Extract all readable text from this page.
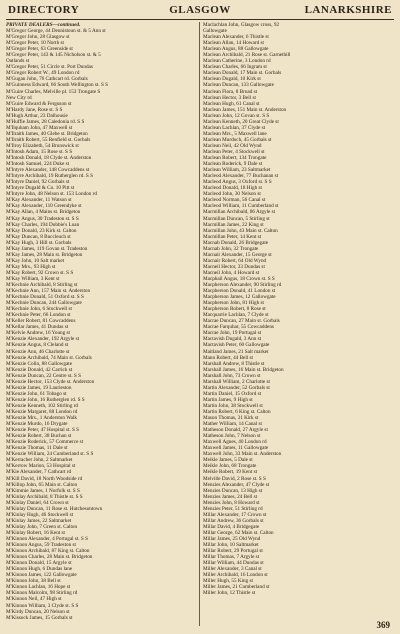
DIRECTORY	GLASGOW	LANARKSHIRE
PRIVATE DEALERS—continued.
M'Gregor George, 44 Dennistoun st. & 5 Ann st
M'Gregor John, 28 Glasgow st
M'Gregor Peter, 10 North st
M'Gregor Peter, 63 Greenside st
M'Gregor Peter, 143 & 145 Nicholson st. & 5
Oatlands st
M'Gregor Peter, 51 Circle st. Port Dundas
M'Gregor Robert W., 49 London rd
M'Gugan John, 76 Cathcart rd. Gorbals
M'Guinness Edward, 66 South Wellington st. S S
M'Guire Charles, Melville pl. 153 Trongate S
New City rd
M'Guire Edward & Ferguson st
M'Hardy Jane, Rose st. S S
M'Hugh Arthur, 23 Dalhousie
M'Huffie James, 28 Caledonia rd. S S
M'Ilquham John, 47 Maxwell st
M'Ilraith James, 40 Glebe st. Bridgeton
M'Ilraith Robert, 55 Renfield st. Gorbals
M'Ilroy Elizabeth, 54 Brunswick st
M'Intosh Adam, 15 Rose st. S S
M'Intosh Donald, 18 Clyde st. Anderston
M'Intosh Samuel, 224 Duke st
M'Intyre Alexander, 148 Cowcaddens st
M'Intyre Archibald, 19 Rutherglen rd. S S
M'Intyre Daniel, 92 Gorbals st
M'Intyre Dugald & Co. 10 Pitt st
M'Intyre John, 48 Nelson st. 153 London rd
M'Kay Alexander, 11 Watson st
M'Kay Alexander, 110 Greendyke st
M'Kay Allan, 4 Mains st. Bridgeton
M'Kay Angus, 30 Tradeston st. S S
M'Kay Charles, 194 Dobbie's Loan
M'Kay Donald, 23 Kirk st. Calton
M'Kay Duncan, 8 Buccleuch st
M'Kay Hugh, 3 Hill st. Gorbals
M'Kay James, 119 Govan st. Tradeston
M'Kay James, 28 Main st. Bridgeton
M'Kay John, 10 Salt market
M'Kay Mrs., 93 High st
M'Kay Robert, 92 Crown st. S S
M'Kay William, 3 Kent st
M'Kechnie Archibald, 8 Stirling st
M'Kechnie Ann, 157 Main st. Anderston
M'Kechnie Donald, 51 Oxford st. S S
M'Kechnie Duncan, 244 Gallowgate
M'Kechnie John, 6 Stockwell st
M'Kechnie Peter, 66 London st
M'Keller Robert, 81 Cowcaddens
M'Kellar James, 41 Dundas st
M'Kelvie Andrew, 16 Young st
M'Kenzie Alexander, 192 Argyle st
M'Kenzie Angus, 8 Cleland st
M'Kenzie Ann, 46 Charlotte st
M'Kenzie Archibald, 74 Main st. Gorbals
M'Kenzie Colin, 88 Gallowgate
M'Kenzie Donald, 42 Carrick st
M'Kenzie Duncan, 22 Centre st. S S
M'Kenzie Hector, 153 Clyde st. Anderston
M'Kenzie James, 19 Laurieston
M'Kenzie John, 61 Tobago st
M'Kenzie John, 16 Rutherglen rd. S S
M'Kenzie Kenneth, 102 Stirling rd
M'Kenzie Margaret, 88 London rd
M'Kenzie Mrs., 1 Anderston Walk
M'Kenzie Murdo, 16 Drygate
M'Kenzie Peter, 47 Hospital st. S S
M'Kenzie Robert, 38 Buchan st
M'Kenzie Roderick, 57 Commerce st
M'Kenzie Thomas, 11 Dale st
M'Kenzie William, 24 Cumberland st. S S
M'Kerracher John, 2 Saltmarket
M'Kerrow Marion, 53 Hospital st
M'Kie Alexander, 7 Cathcart rd
M'Kill David, 18 North Woodside rd
M'Killop John, 65 Main st. Calton
M'Kimmie James, 1 Norfolk st. S S
M'Kinlay Archibald, 8 Thistle st. S S
M'Kinlay Daniel, 64 Crown st
M'Kinlay Duncan, 11 Rose st. Hutchesontown
M'Kinlay Hugh, 46 Stockwell st
M'Kinlay James, 22 Saltmarket
M'Kinlay John, 7 Green st. Calton
M'Kinlay Robert, 16 Kent st
M'Kinnon Alexander, 4 Portugal st. S S
M'Kinnon Angus, 59 Tradeston st
M'Kinnon Archibald, 87 King st. Calton
M'Kinnon Charles, 28 Main st. Bridgeton
M'Kinnon Donald, 15 Argyle st
M'Kinnon Hugh, 6 Dundas lane
M'Kinnon James, 122 Gallowgate
M'Kinnon John, 38 Bell st
M'Kinnon Lachlan, 16 Hope st
M'Kinnon Malcolm, 98 Stirling rd
M'Kinnon Neil, 47 High st
M'Kinnon William, 3 Clyde st. S S
M'Kirdy Duncan, 20 Nelson st
M'Kissock James, 15 Gorbals st
Maclachlan John, Glasgow cross, 92
Gallowgate
Maclean Alexander, 6 Thistle st
Maclean Allan, 14 Howard st
Maclean Angus, 88 Gallowgate
Maclean Archibald, 21 Rose st. Garnethill
Maclean Catherine, 3 London rd
Maclean Charles, 66 Ingram st
Maclean Donald, 17 Main st. Gorbals
Maclean Dugald, 10 Kirk st
Maclean Duncan, 133 Gallowgate
Maclean Flora, 8 Broad st
Maclean Hector, 3 Bell st
Maclean Hugh, 61 Canal st
Maclean James, 151 Main st. Anderston
Maclean John, 12 Govan st. S S
Maclean Kenneth, 20 Great Clyde st
Maclean Lachlan, 37 Clyde st
Maclean Mrs., 5 Maxwell lane
Maclean Murdoch, 45 Gorbals st
Maclean Neil, 42 Old Wynd
Maclean Peter, 4 Stockwell st
Maclean Robert, 134 Trongate
Maclean Roderick, 9 Dale st
Maclean William, 23 Saltmarket
Macleod Alexander, 77 Buchanan st
Macleod Angus, 3 Oxford st. S S
Macleod Donald, 18 High st
Macleod John, 30 Nelson st
Macleod Norman, 56 Canal st
Macleod William, 11 Cumberland st
Macmillan Archibald, 86 Argyle st
Macmillan Duncan, 5 Stirling st
Macmillan James, 22 King st
Macmillan John, 43 Main st. Calton
Macmillan Peter, 14 Kent st
Macnab Donald, 26 Bridgegate
Macnab John, 32 Trongate
Macnair Alexander, 15 George st
Macnair Robert, 64 Old Wynd
Macneil Hector, 33 Dundas st
Macneil John, 4 Howard st
Macphail Angus, 18 Crown st. S S
Macpherson Alexander, 90 Stirling rd
Macpherson Donald, 41 London st
Macpherson James, 12 Gallowgate
Macpherson John, 81 High st
Macpherson Robert, 8 Rose st
Macquarrie Lachlan, 7 Clyde st
Macrae Duncan, 27 Main st. Gorbals
Macrae Farquhar, 55 Cowcaddens
Macrae John, 19 Portugal st
Mactavish Dugald, 3 Ann st
Mactavish Peter, 60 Gallowgate
Maitland James, 21 Salt market
Mann Robert, 44 Bell st
Marshall Andrew, 8 Thistle st
Marshall James, 16 Main st. Bridgeton
Marshall John, 73 Crown st
Marshall William, 2 Charlotte st
Martin Alexander, 52 Gorbals st
Martin Daniel, 15 Oxford st
Martin James, 9 High st
Martin John, 38 Stockwell st
Martin Robert, 6 King st. Calton
Mason Thomas, 31 Kirk st
Mather William, 14 Canal st
Matheson Donald, 27 Argyle st
Matheson John, 7 Nelson st
Maxwell Agnes, 40 London rd
Maxwell James, 11 Gallowgate
Maxwell John, 33 Main st. Anderston
Meikle James, 5 Dale st
Meikle John, 68 Trongate
Meikle Robert, 19 Kent st
Melville David, 2 Rose st. S S
Menzies Alexander, 47 Clyde st
Menzies Duncan, 13 High st
Menzies James, 24 Bell st
Menzies John, 8 Howard st
Menzies Peter, 51 Stirling rd
Millar Alexander, 17 Crown st
Millar Andrew, 36 Gorbals st
Millar David, 4 Bridgegate
Millar George, 62 Main st. Calton
Millar James, 25 Old Wynd
Millar John, 10 Saltmarket
Millar Robert, 29 Portugal st
Millar Thomas, 7 Argyle st
Millar William, 44 Dundas st
Miller Alexander, 3 Canal st
Miller Archibald, 16 London st
Miller Hugh, 55 King st
Miller James, 21 Cumberland st
Miller John, 12 Thistle st
369
